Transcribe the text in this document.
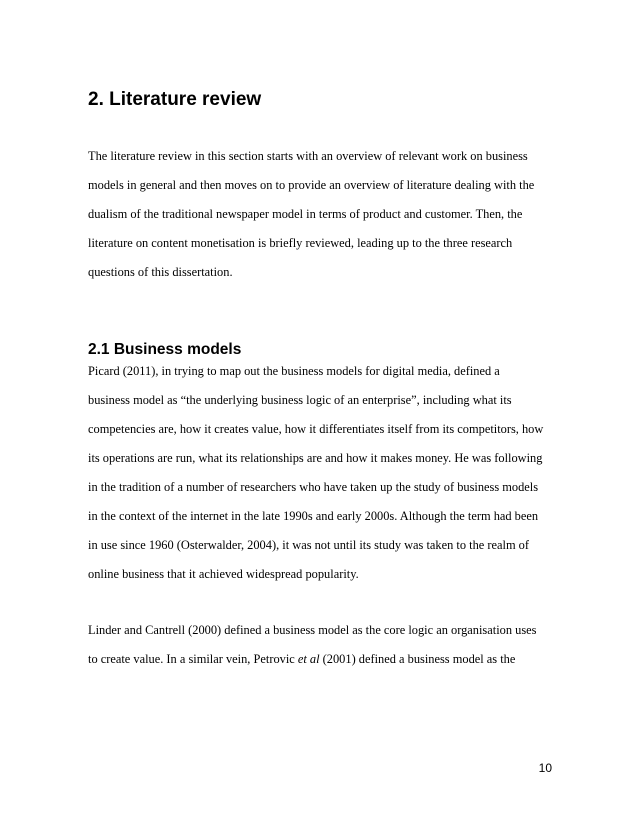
2. Literature review
The literature review in this section starts with an overview of relevant work on business
models in general and then moves on to provide an overview of literature dealing with the
dualism of the traditional newspaper model in terms of product and customer. Then, the
literature on content monetisation is briefly reviewed, leading up to the three research
questions of this dissertation.
2.1 Business models
Picard (2011), in trying to map out the business models for digital media, defined a
business model as “the underlying business logic of an enterprise”, including what its
competencies are, how it creates value, how it differentiates itself from its competitors, how
its operations are run, what its relationships are and how it makes money. He was following
in the tradition of a number of researchers who have taken up the study of business models
in the context of the internet in the late 1990s and early 2000s. Although the term had been
in use since 1960 (Osterwalder, 2004), it was not until its study was taken to the realm of
online business that it achieved widespread popularity.
Linder and Cantrell (2000) defined a business model as the core logic an organisation uses
to create value. In a similar vein, Petrovic et al (2001) defined a business model as the
10
